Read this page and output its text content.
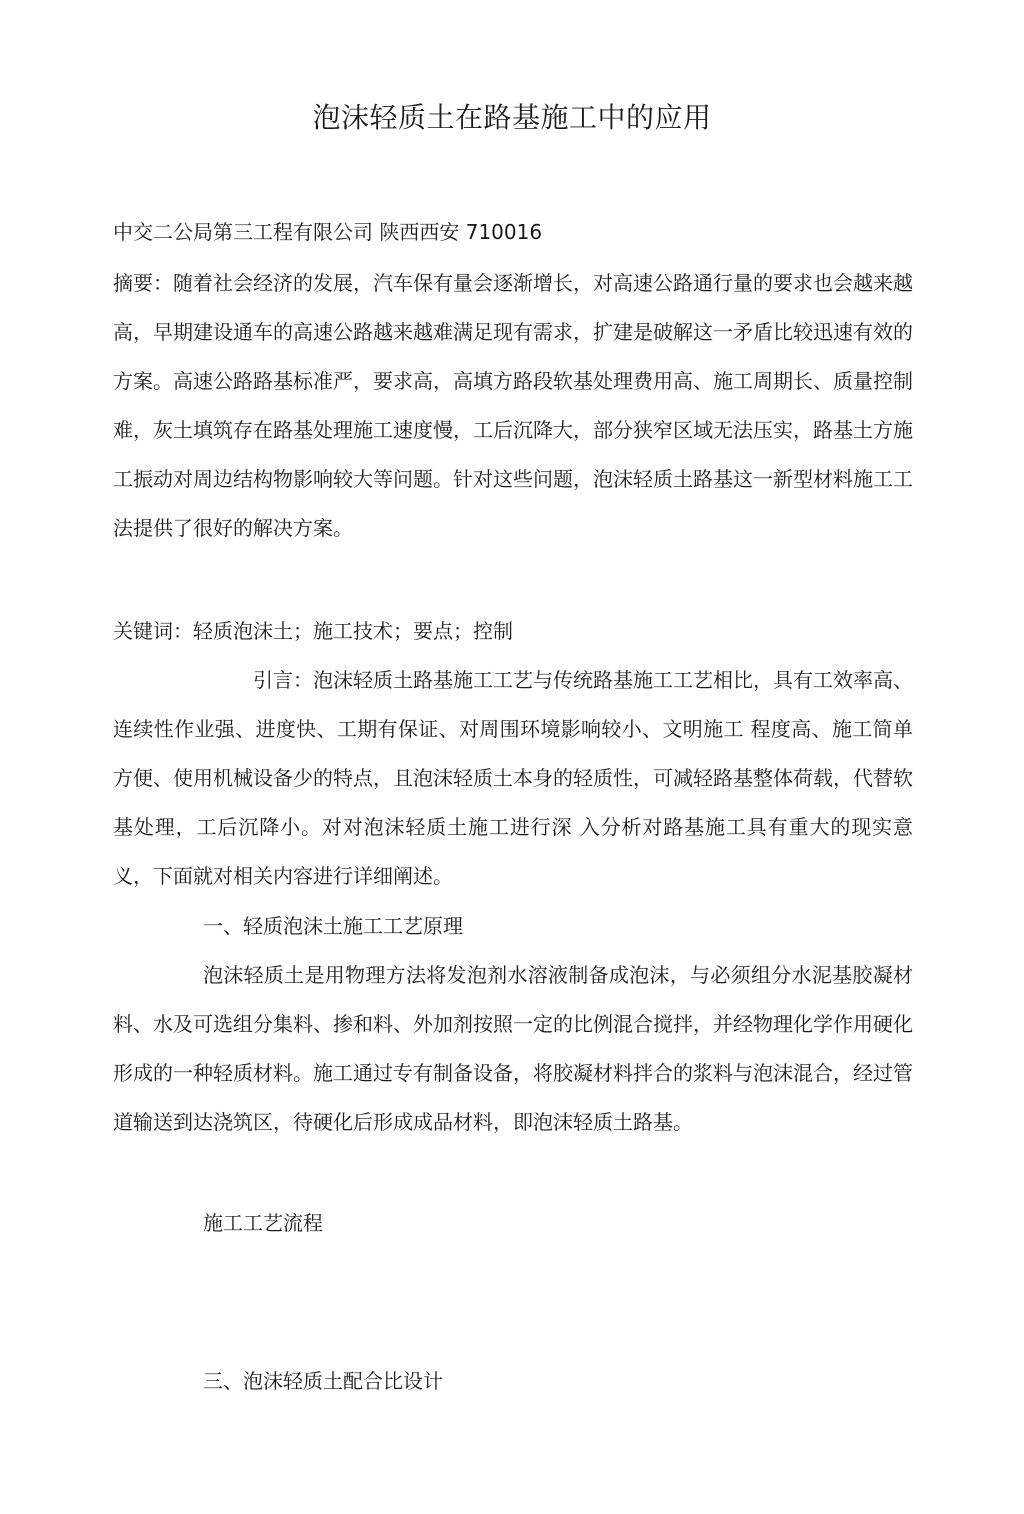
泡沫轻质土在路基施工中的应用

中交二公局第三工程有限公司 陕西西安 710016

摘要：随着社会经济的发展，汽车保有量会逐渐增长，对高速公路通行量的要求也会越来越高，早期建设通车的高速公路越来越难满足现有需求，扩建是破解这一矛盾比较迅速有效的方案。高速公路路基标准严，要求高，高填方路段软基处理费用高、施工周期长、质量控制难，灰土填筑存在路基处理施工速度慢，工后沉降大，部分狭窄区域无法压实，路基土方施工振动对周边结构物影响较大等问题。针对这些问题，泡沫轻质土路基这一新型材料施工工法提供了很好的解决方案。

关键词：轻质泡沫土；施工技术；要点；控制

引言：泡沫轻质土路基施工工艺与传统路基施工工艺相比，具有工效率高、连续性作业强、进度快、工期有保证、对周围环境影响较小、文明施工 程度高、施工简单方便、使用机械设备少的特点，且泡沫轻质土本身的轻质性，可减轻路基整体荷载，代替软基处理，工后沉降小。对对泡沫轻质土施工进行深 入分析对路基施工具有重大的现实意义，下面就对相关内容进行详细阐述。

一、轻质泡沫土施工工艺原理

泡沫轻质土是用物理方法将发泡剂水溶液制备成泡沫，与必须组分水泥基胶凝材料、水及可选组分集料、掺和料、外加剂按照一定的比例混合搅拌，并经物理化学作用硬化形成的一种轻质材料。施工通过专有制备设备，将胶凝材料拌合的浆料与泡沫混合，经过管道输送到达浇筑区，待硬化后形成成品材料，即泡沫轻质土路基。

施工工艺流程

三、泡沫轻质土配合比设计
